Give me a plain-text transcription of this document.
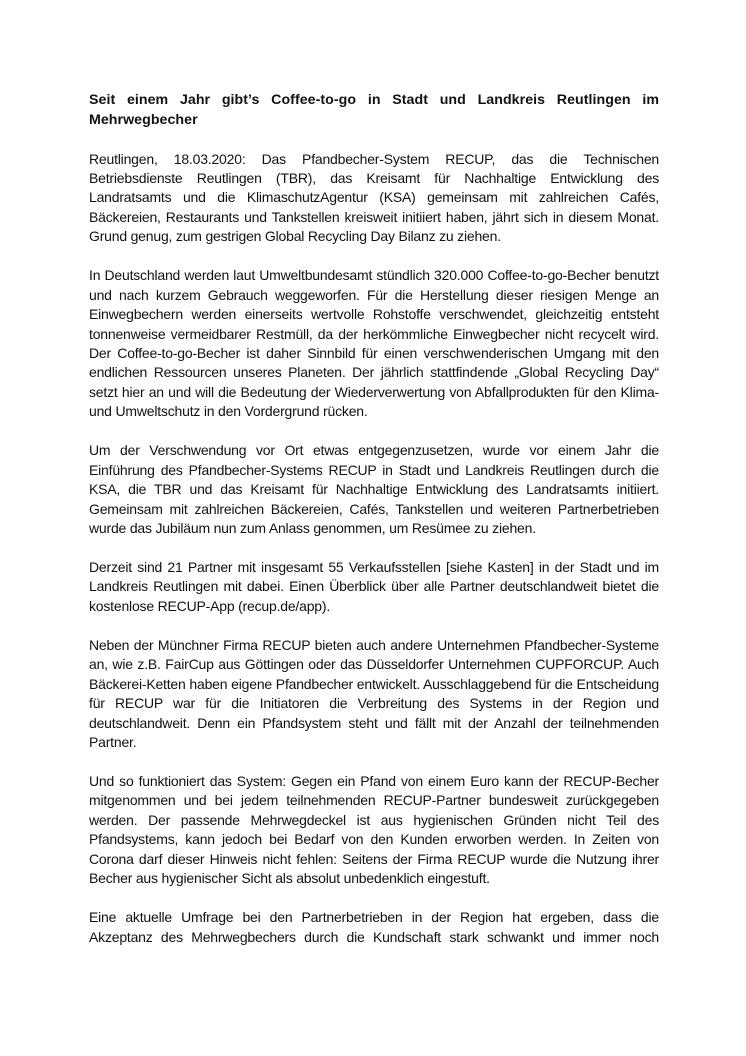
Seit einem Jahr gibt’s Coffee-to-go in Stadt und Landkreis Reutlingen im Mehrwegbecher

Reutlingen, 18.03.2020: Das Pfandbecher-System RECUP, das die Technischen Betriebsdienste Reutlingen (TBR), das Kreisamt für Nachhaltige Entwicklung des Landratsamts und die KlimaschutzAgentur (KSA) gemeinsam mit zahlreichen Cafés, Bäckereien, Restaurants und Tankstellen kreisweit initiiert haben, jährt sich in diesem Monat. Grund genug, zum gestrigen Global Recycling Day Bilanz zu ziehen.

In Deutschland werden laut Umweltbundesamt stündlich 320.000 Coffee-to-go-Becher benutzt und nach kurzem Gebrauch weggeworfen. Für die Herstellung dieser riesigen Menge an Einwegbechern werden einerseits wertvolle Rohstoffe verschwendet, gleichzeitig entsteht tonnenweise vermeidbarer Restmüll, da der herkömmliche Einwegbecher nicht recycelt wird. Der Coffee-to-go-Becher ist daher Sinnbild für einen verschwenderischen Umgang mit den endlichen Ressourcen unseres Planeten. Der jährlich stattfindende „Global Recycling Day“ setzt hier an und will die Bedeutung der Wiederverwertung von Abfallprodukten für den Klima- und Umweltschutz in den Vordergrund rücken.

Um der Verschwendung vor Ort etwas entgegenzusetzen, wurde vor einem Jahr die Einführung des Pfandbecher-Systems RECUP in Stadt und Landkreis Reutlingen durch die KSA, die TBR und das Kreisamt für Nachhaltige Entwicklung des Landratsamts initiiert. Gemeinsam mit zahlreichen Bäckereien, Cafés, Tankstellen und weiteren Partnerbetrieben wurde das Jubiläum nun zum Anlass genommen, um Resümee zu ziehen.

Derzeit sind 21 Partner mit insgesamt 55 Verkaufsstellen [siehe Kasten] in der Stadt und im Landkreis Reutlingen mit dabei. Einen Überblick über alle Partner deutschlandweit bietet die kostenlose RECUP-App (recup.de/app).

Neben der Münchner Firma RECUP bieten auch andere Unternehmen Pfandbecher-Systeme an, wie z.B. FairCup aus Göttingen oder das Düsseldorfer Unternehmen CUPFORCUP. Auch Bäckerei-Ketten haben eigene Pfandbecher entwickelt. Ausschlaggebend für die Entscheidung für RECUP war für die Initiatoren die Verbreitung des Systems in der Region und deutschlandweit. Denn ein Pfandsystem steht und fällt mit der Anzahl der teilnehmenden Partner.

Und so funktioniert das System: Gegen ein Pfand von einem Euro kann der RECUP-Becher mitgenommen und bei jedem teilnehmenden RECUP-Partner bundesweit zurückgegeben werden. Der passende Mehrwegdeckel ist aus hygienischen Gründen nicht Teil des Pfandsystems, kann jedoch bei Bedarf von den Kunden erworben werden. In Zeiten von Corona darf dieser Hinweis nicht fehlen: Seitens der Firma RECUP wurde die Nutzung ihrer Becher aus hygienischer Sicht als absolut unbedenklich eingestuft.

Eine aktuelle Umfrage bei den Partnerbetrieben in der Region hat ergeben, dass die Akzeptanz des Mehrwegbechers durch die Kundschaft stark schwankt und immer noch
